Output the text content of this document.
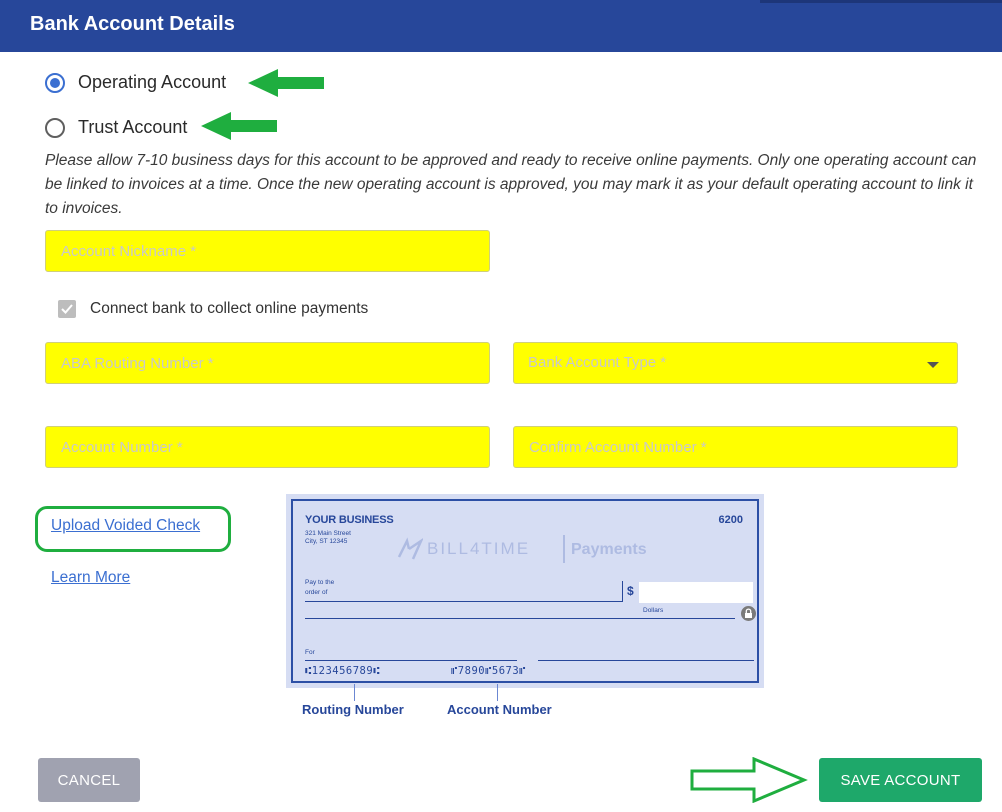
Bank Account Details
Operating Account
Trust Account
Please allow 7-10 business days for this account to be approved and ready to receive online payments. Only one operating account can be linked to invoices at a time. Once the new operating account is approved, you may mark it as your default operating account to link it to invoices.
Account Nickname *
Connect bank to collect online payments
ABA Routing Number *
Bank Account Type *
Account Number *
Confirm Account Number *
Upload Voided Check
Learn More
YOUR BUSINESS
321 Main Street
City, ST 12345
6200
BILL4TIME	Payments
Pay to the
order of	$
Dollars
For
⑆123456789⑆	⑈7890⑈5673⑈
Routing Number	Account Number
CANCEL	SAVE ACCOUNT
